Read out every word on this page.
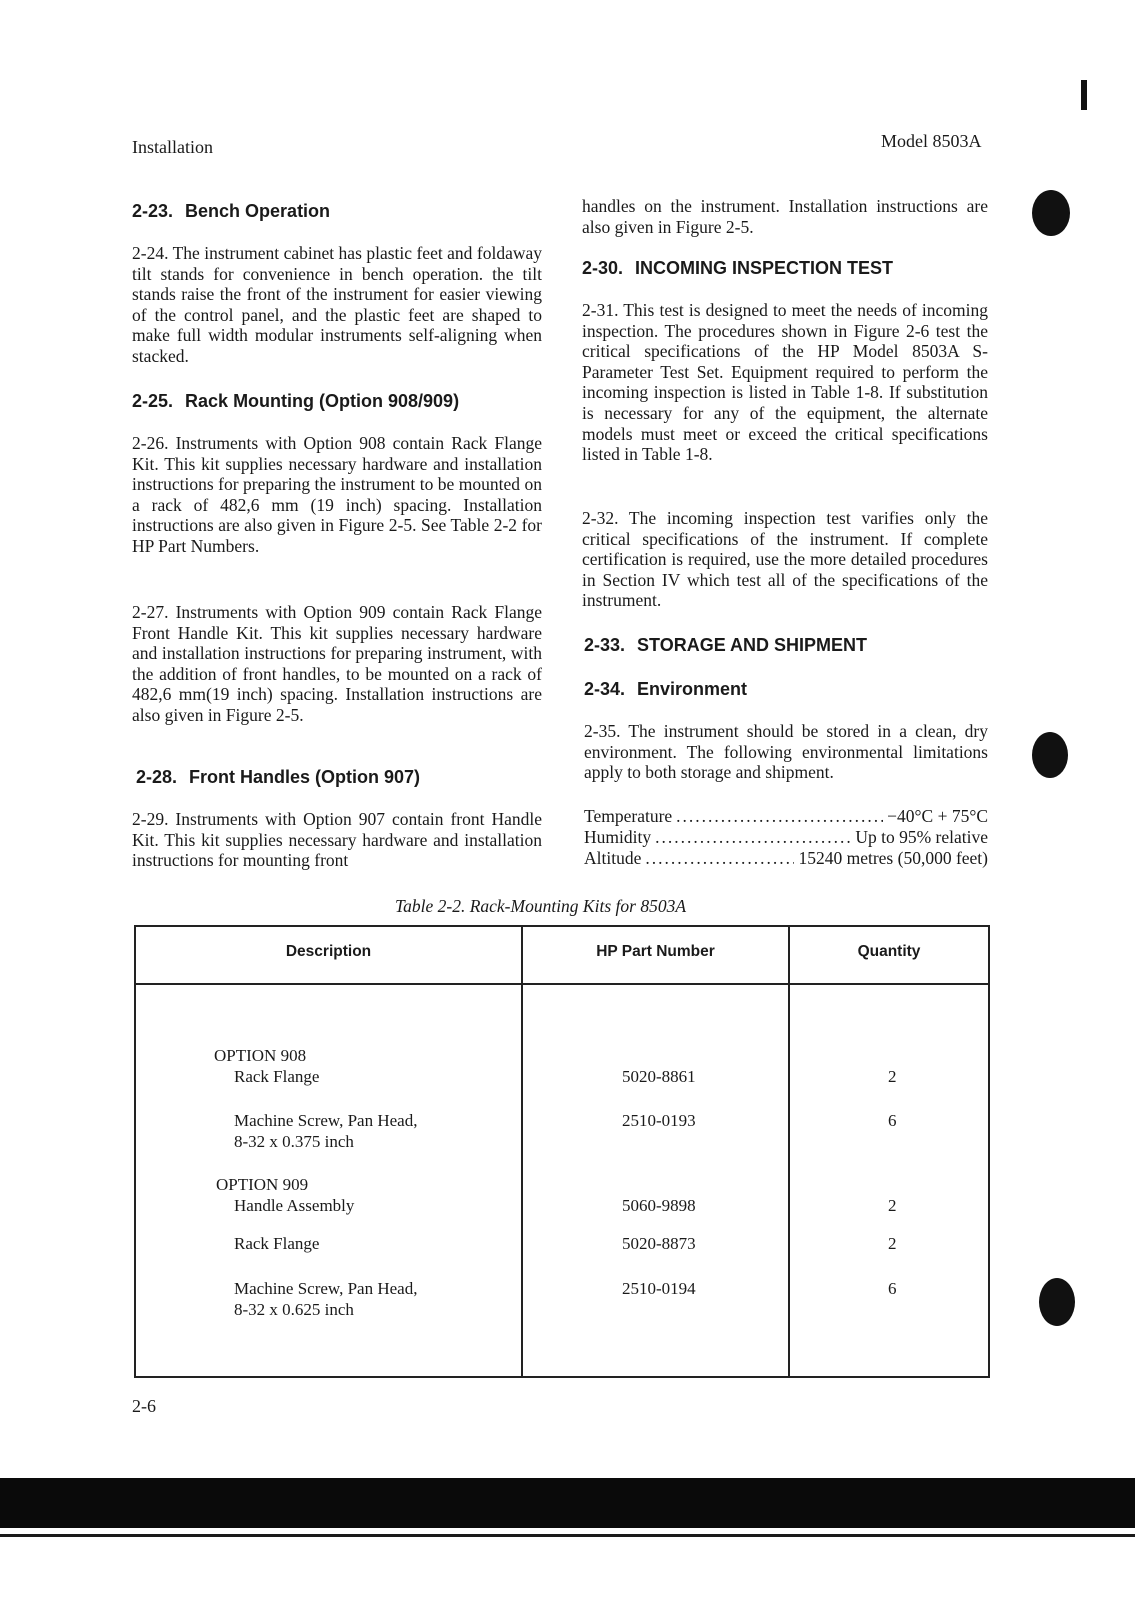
Installation	Model 8503A
2-23. Bench Operation

2-24. The instrument cabinet has plastic feet and foldaway tilt stands for convenience in bench operation. the tilt stands raise the front of the instrument for easier viewing of the control panel, and the plastic feet are shaped to make full width modular instruments self-aligning when stacked.

2-25. Rack Mounting (Option 908/909)

2-26. Instruments with Option 908 contain Rack Flange Kit. This kit supplies necessary hardware and installation instructions for preparing the instrument to be mounted on a rack of 482,6 mm (19 inch) spacing. Installation instructions are also given in Figure 2-5. See Table 2-2 for HP Part Numbers.

2-27. Instruments with Option 909 contain Rack Flange Front Handle Kit. This kit supplies necessary hardware and installation instructions for preparing instrument, with the addition of front handles, to be mounted on a rack of 482,6 mm(19 inch) spacing. Installation instructions are also given in Figure 2-5.

2-28. Front Handles (Option 907)

2-29. Instruments with Option 907 contain front Handle Kit. This kit supplies necessary hardware and installation instructions for mounting front

handles on the instrument. Installation instructions are also given in Figure 2-5.

2-30. INCOMING INSPECTION TEST

2-31. This test is designed to meet the needs of incoming inspection. The procedures shown in Figure 2-6 test the critical specifications of the HP Model 8503A S-Parameter Test Set. Equipment required to perform the incoming inspection is listed in Table 1-8. If substitution is necessary for any of the equipment, the alternate models must meet or exceed the critical specifications listed in Table 1-8.

2-32. The incoming inspection test varifies only the critical specifications of the instrument. If complete certification is required, use the more detailed procedures in Section IV which test all of the specifications of the instrument.

2-33. STORAGE AND SHIPMENT
2-34. Environment

2-35. The instrument should be stored in a clean, dry environment. The following environmental limitations apply to both storage and shipment.

Temperature .....	−40°C + 75°C
Humidity .....	Up to 95% relative
Altitude .....	15240 metres (50,000 feet)
Table 2-2. Rack-Mounting Kits for 8503A
Description	HP Part Number	Quantity
OPTION 908
Rack Flange	5020-8861	2
Machine Screw, Pan Head,
8-32 x 0.375 inch
2510-0193	6
OPTION 909
Handle Assembly	5060-9898	2
Rack Flange	5020-8873	2
Machine Screw, Pan Head,
8-32 x 0.625 inch
2510-0194	6
2-6
